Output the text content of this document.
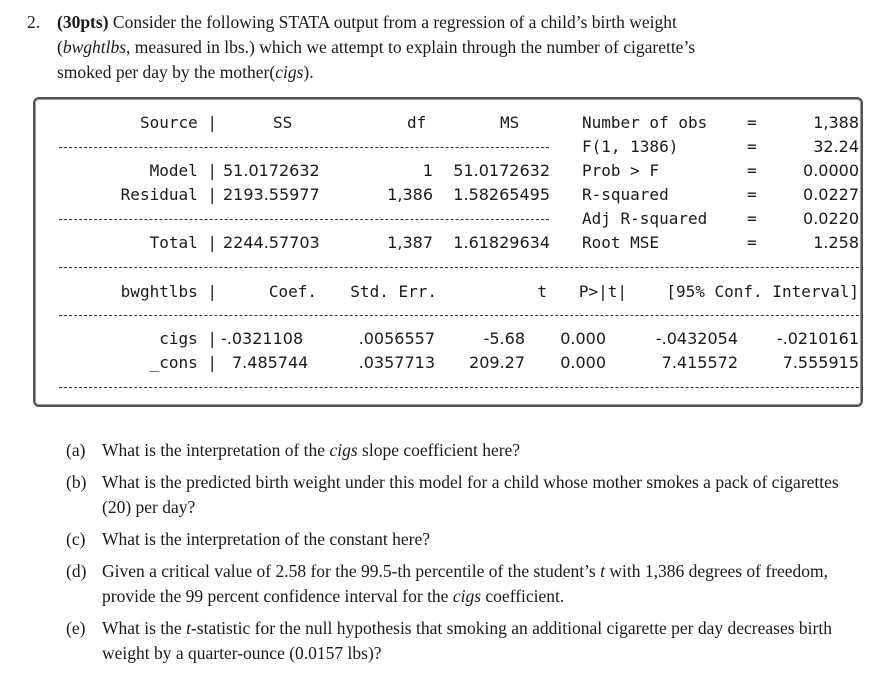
2. (30pts) Consider the following STATA output from a regression of a child’s birth weight
(bwghtlbs, measured in lbs.) which we attempt to explain through the number of cigarette’s
smoked per day by the mother(cigs).
Source |	SS	df	MS
Model | 51.0172632	1 51.0172632
Residual | 2193.55977	1,386 1.58265495
Total | 2244.57703	1,387 1.61829634
Number of obs =	1,388
F(1, 1386)	=	32.24
Prob > F	=	0.0000
R-squared	=	0.0227
Adj R-squared =	0.0220
Root MSE	=	1.258
bwghtlbs |	Coef. Std. Err.	t P>|t| [95% Conf. Interval]
cigs | -.0321108	.0056557	-5.68 0.000	-.0432054 -.0210161
_cons | 7.485744	.0357713 209.27 0.000	7.415572	7.555915
(a) What is the interpretation of the cigs slope coefficient here?
(b) What is the predicted birth weight under this model for a child whose mother smokes a pack of cigarettes (20) per day?
(c) What is the interpretation of the constant here?
(d) Given a critical value of 2.58 for the 99.5-th percentile of the student’s t with 1,386 degrees of freedom, provide the 99 percent confidence interval for the cigs coefficient.
(e) What is the t-statistic for the null hypothesis that smoking an additional cigarette per day decreases birth weight by a quarter-ounce (0.0157 lbs)?
